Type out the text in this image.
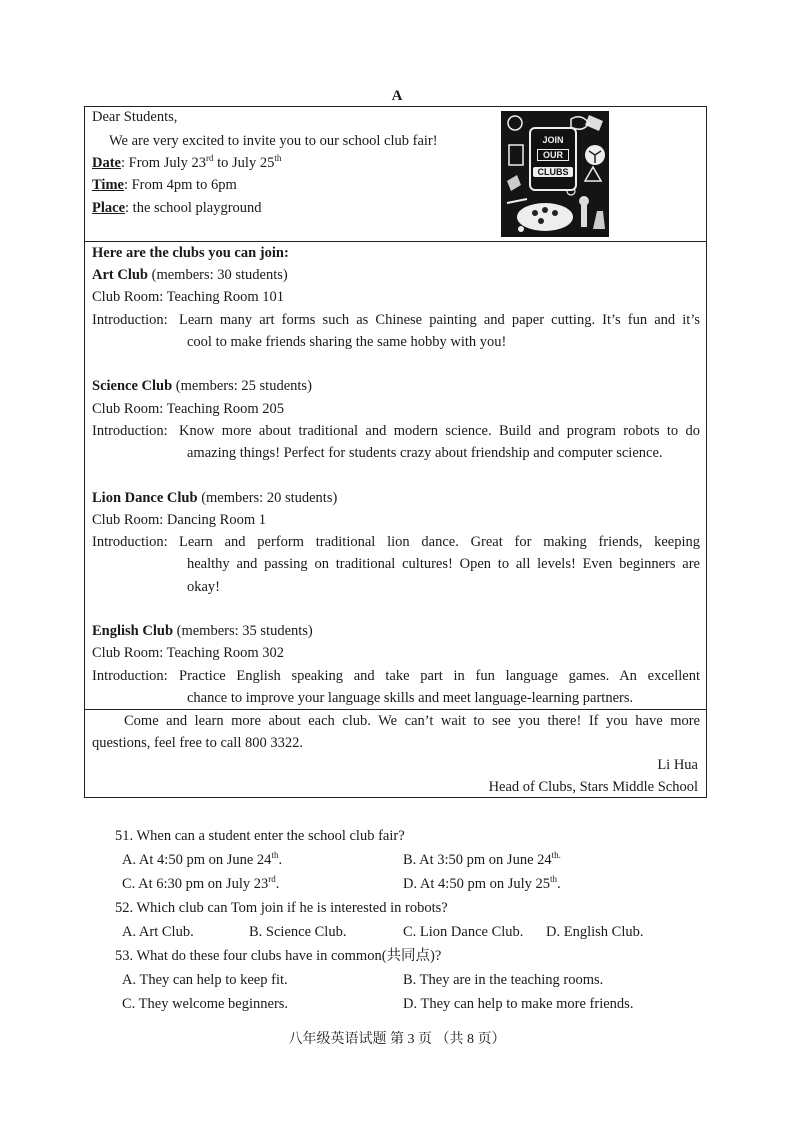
A
Dear Students,
We are very excited to invite you to our school club fair!
Date: From July 23rd to July 25th
Time: From 4pm to 6pm
Place: the school playground
JOIN
OUR
CLUBS
Here are the clubs you can join:
Art Club (members: 30 students)
Club Room: Teaching Room 101
Introduction: Learn many art forms such as Chinese painting and paper cutting. It’s fun and it’s
cool to make friends sharing the same hobby with you!
Science Club (members: 25 students)
Club Room: Teaching Room 205
Introduction: Know more about traditional and modern science. Build and program robots to do
amazing things! Perfect for students crazy about friendship and computer science.
Lion Dance Club (members: 20 students)
Club Room: Dancing Room 1
Introduction: Learn and perform traditional lion dance. Great for making friends, keeping
healthy and passing on traditional cultures! Open to all levels! Even beginners are
okay!
English Club (members: 35 students)
Club Room: Teaching Room 302
Introduction: Practice English speaking and take part in fun language games. An excellent
chance to improve your language skills and meet language-learning partners.
Come and learn more about each club. We can’t wait to see you there! If you have more
questions, feel free to call 800 3322.
Li Hua
Head of Clubs, Stars Middle School
51. When can a student enter the school club fair?
A. At 4:50 pm on June 24th.	B. At 3:50 pm on June $24^{th.}$
C. At 6:30 pm on July 23rd.	D. At 4:50 pm on July 25th.
52. Which club can Tom join if he is interested in robots?
A. Art Club.	B. Science Club.	C. Lion Dance Club. D. English Club.
53. What do these four clubs have in common(共同点)?
A. They can help to keep fit.	B. They are in the teaching rooms.
C. They welcome beginners.	D. They can help to make more friends.
八年级英语试题 第 3 页 （共 8 页）
